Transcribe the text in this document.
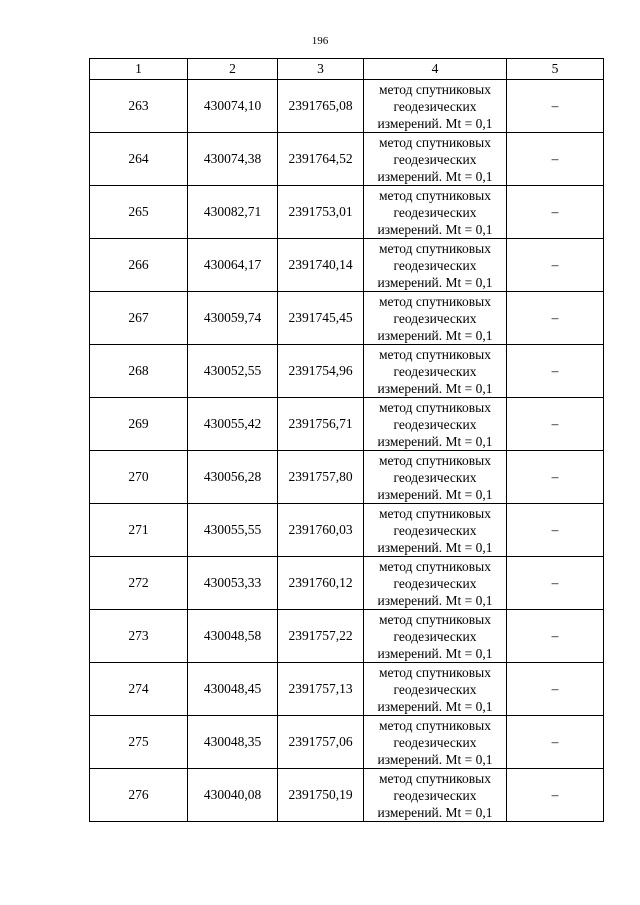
196
1	2	3	4	5
263	430074,10	2391765,08	метод спутниковых
геодезических
измерений. Mt = 0,1	–
264	430074,38	2391764,52	метод спутниковых
геодезических
измерений. Mt = 0,1	–
265	430082,71	2391753,01	метод спутниковых
геодезических
измерений. Mt = 0,1	–
266	430064,17	2391740,14	метод спутниковых
геодезических
измерений. Mt = 0,1	–
267	430059,74	2391745,45	метод спутниковых
геодезических
измерений. Mt = 0,1	–
268	430052,55	2391754,96	метод спутниковых
геодезических
измерений. Mt = 0,1	–
269	430055,42	2391756,71	метод спутниковых
геодезических
измерений. Mt = 0,1	–
270	430056,28	2391757,80	метод спутниковых
геодезических
измерений. Mt = 0,1	–
271	430055,55	2391760,03	метод спутниковых
геодезических
измерений. Mt = 0,1	–
272	430053,33	2391760,12	метод спутниковых
геодезических
измерений. Mt = 0,1	–
273	430048,58	2391757,22	метод спутниковых
геодезических
измерений. Mt = 0,1	–
274	430048,45	2391757,13	метод спутниковых
геодезических
измерений. Mt = 0,1	–
275	430048,35	2391757,06	метод спутниковых
геодезических
измерений. Mt = 0,1	–
276	430040,08	2391750,19	метод спутниковых
геодезических
измерений. Mt = 0,1	–
